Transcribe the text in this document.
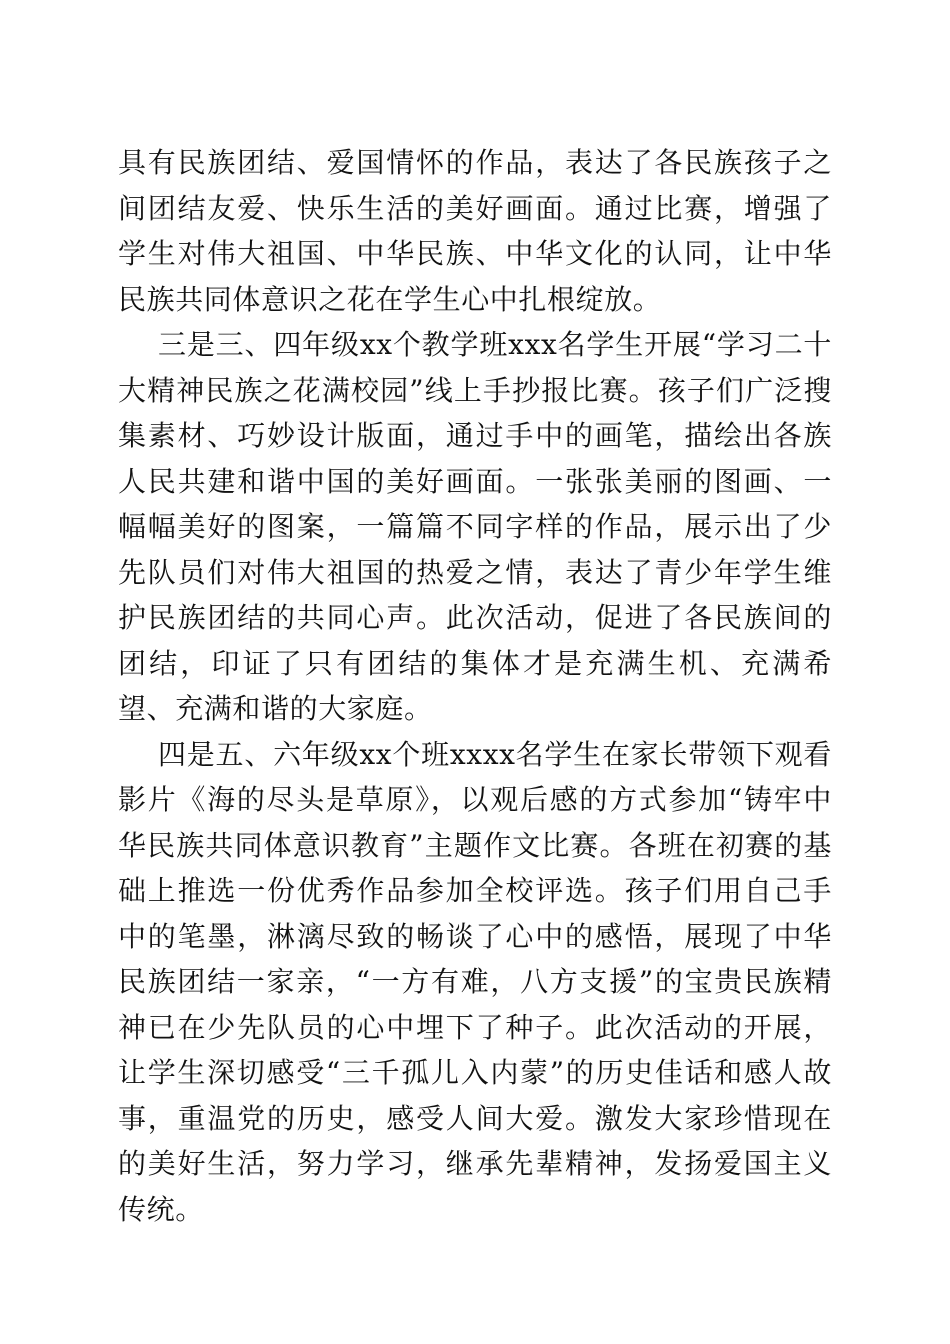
具有民族团结、爱国情怀的作品，表达了各民族孩子之间团结友爱、快乐生活的美好画面。通过比赛，增强了学生对伟大祖国、中华民族、中华文化的认同，让中华民族共同体意识之花在学生心中扎根绽放。

三是三、四年级xx个教学班xxx名学生开展“学习二十大精神民族之花满校园”线上手抄报比赛。孩子们广泛搜集素材、巧妙设计版面，通过手中的画笔，描绘出各族人民共建和谐中国的美好画面。一张张美丽的图画、一幅幅美好的图案，一篇篇不同字样的作品，展示出了少先队员们对伟大祖国的热爱之情，表达了青少年学生维护民族团结的共同心声。此次活动，促进了各民族间的团结，印证了只有团结的集体才是充满生机、充满希望、充满和谐的大家庭。

四是五、六年级xx个班xxxx名学生在家长带领下观看影片《海的尽头是草原》，以观后感的方式参加“铸牢中华民族共同体意识教育”主题作文比赛。各班在初赛的基础上推选一份优秀作品参加全校评选。孩子们用自己手中的笔墨，淋漓尽致的畅谈了心中的感悟，展现了中华民族团结一家亲，“一方有难，八方支援”的宝贵民族精神已在少先队员的心中埋下了种子。此次活动的开展，让学生深切感受“三千孤儿入内蒙”的历史佳话和感人故事，重温党的历史，感受人间大爱。激发大家珍惜现在的美好生活，努力学习，继承先辈精神，发扬爱国主义传统。
